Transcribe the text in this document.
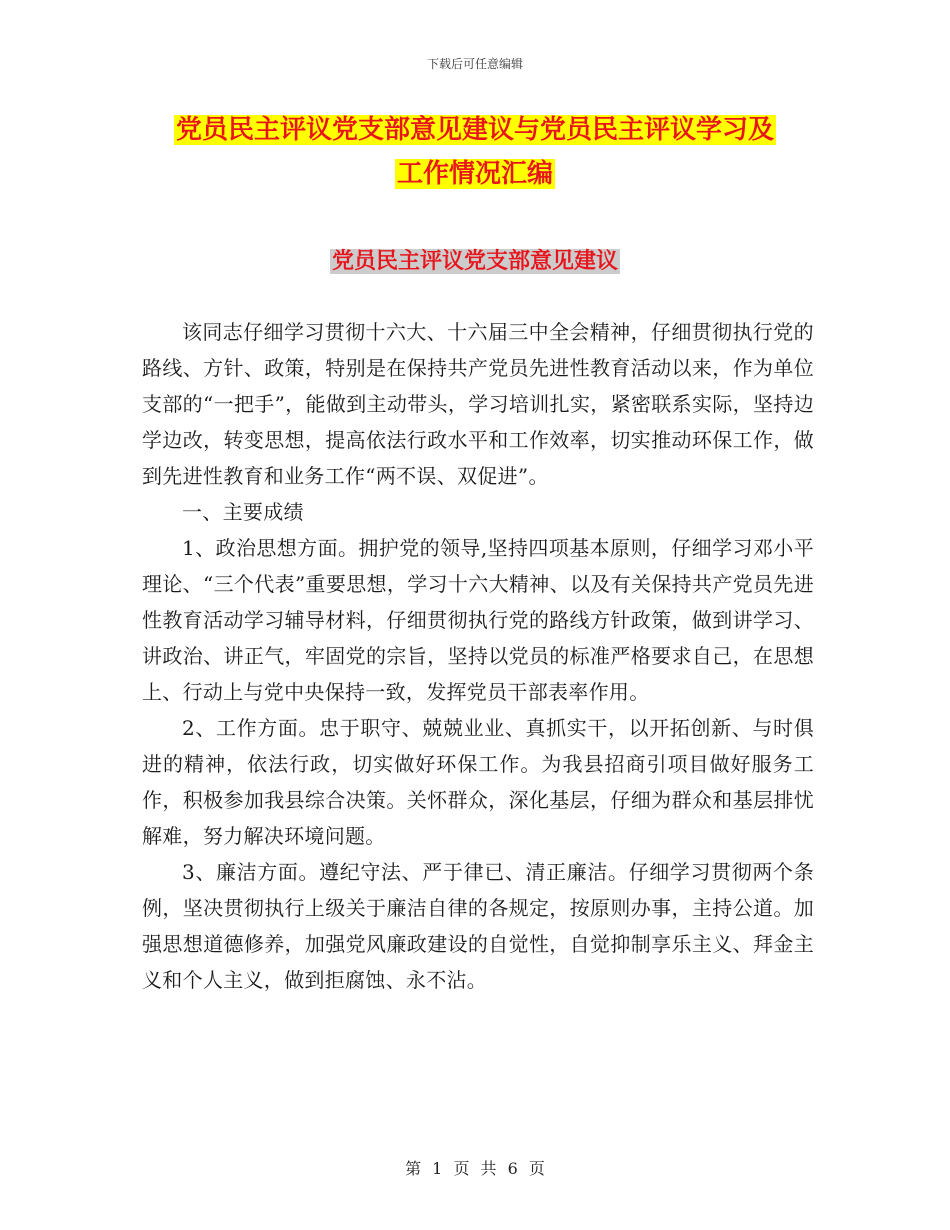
下载后可任意编辑
党员民主评议党支部意见建议与党员民主评议学习及
工作情况汇编
党员民主评议党支部意见建议

该同志仔细学习贯彻十六大、十六届三中全会精神，仔细贯彻执行党的路线、方针、政策，特别是在保持共产党员先进性教育活动以来，作为单位支部的“一把手”，能做到主动带头，学习培训扎实，紧密联系实际，坚持边学边改，转变思想，提高依法行政水平和工作效率，切实推动环保工作，做到先进性教育和业务工作“两不误、双促进”。

一、主要成绩

1、政治思想方面。拥护党的领导,坚持四项基本原则，仔细学习邓小平理论、“三个代表”重要思想，学习十六大精神、以及有关保持共产党员先进性教育活动学习辅导材料，仔细贯彻执行党的路线方针政策，做到讲学习、讲政治、讲正气，牢固党的宗旨，坚持以党员的标准严格要求自己，在思想上、行动上与党中央保持一致，发挥党员干部表率作用。

2、工作方面。忠于职守、兢兢业业、真抓实干，以开拓创新、与时俱进的精神，依法行政，切实做好环保工作。为我县招商引项目做好服务工作，积极参加我县综合决策。关怀群众，深化基层，仔细为群众和基层排忧解难，努力解决环境问题。

3、廉洁方面。遵纪守法、严于律已、清正廉洁。仔细学习贯彻两个条例，坚决贯彻执行上级关于廉洁自律的各规定，按原则办事，主持公道。加强思想道德修养，加强党风廉政建设的自觉性，自觉抑制享乐主义、拜金主义和个人主义，做到拒腐蚀、永不沾。

第 1 页 共 6 页
